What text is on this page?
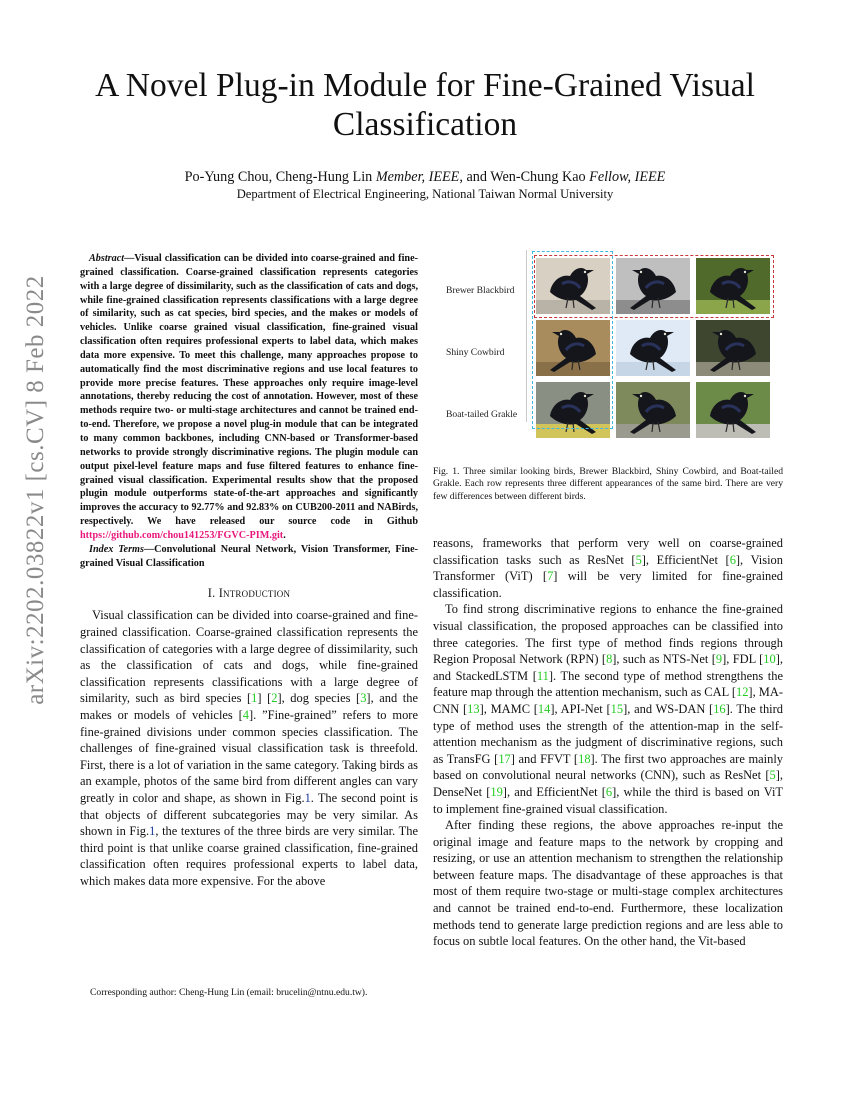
A Novel Plug-in Module for Fine-Grained Visual Classification
Po-Yung Chou, Cheng-Hung Lin Member, IEEE, and Wen-Chung Kao Fellow, IEEE
Department of Electrical Engineering, National Taiwan Normal University
arXiv:2202.03822v1 [cs.CV] 8 Feb 2022

Abstract—Visual classification can be divided into coarse-grained and fine-grained classification. Coarse-grained classification represents categories with a large degree of dissimilarity, such as the classification of cats and dogs, while fine-grained classification represents classifications with a large degree of similarity, such as cat species, bird species, and the makes or models of vehicles. Unlike coarse grained visual classification, fine-grained visual classification often requires professional experts to label data, which makes data more expensive. To meet this challenge, many approaches propose to automatically find the most discriminative regions and use local features to provide more precise features. These approaches only require image-level annotations, thereby reducing the cost of annotation. However, most of these methods require two- or multi-stage architectures and cannot be trained end-to-end. Therefore, we propose a novel plug-in module that can be integrated to many common backbones, including CNN-based or Transformer-based networks to provide strongly discriminative regions. The plugin module can output pixel-level feature maps and fuse filtered features to enhance fine-grained visual classification. Experimental results show that the proposed plugin module outperforms state-of-the-art approaches and significantly improves the accuracy to 92.77% and 92.83% on CUB200-2011 and NABirds, respectively. We have released our source code in Github https://github.com/chou141253/FGVC-PIM.git.

Index Terms—Convolutional Neural Network, Vision Transformer, Fine-grained Visual Classification

I. Introduction

Visual classification can be divided into coarse-grained and fine-grained classification. Coarse-grained classification represents the classification of categories with a large degree of dissimilarity, such as the classification of cats and dogs, while fine-grained classification represents classifications with a large degree of similarity, such as bird species [1] [2], dog species [3], and the makes or models of vehicles [4]. ”Fine-grained” refers to more fine-grained divisions under common species classification. The challenges of fine-grained visual classification task is threefold. First, there is a lot of variation in the same category. Taking birds as an example, photos of the same bird from different angles can vary greatly in color and shape, as shown in Fig.1. The second point is that objects of different subcategories may be very similar. As shown in Fig.1, the textures of the three birds are very similar. The third point is that unlike coarse grained classification, fine-grained classification often requires professional experts to label data, which makes data more expensive. For the above

Corresponding author: Cheng-Hung Lin (email: brucelin@ntnu.edu.tw).
Brewer Blackbird
Shiny Cowbird
Boat-tailed Grakle

Fig. 1. Three similar looking birds, Brewer Blackbird, Shiny Cowbird, and Boat-tailed Grakle. Each row represents three different appearances of the same bird. There are very few differences between different birds.

reasons, frameworks that perform very well on coarse-grained classification tasks such as ResNet [5], EfficientNet [6], Vision Transformer (ViT) [7] will be very limited for fine-grained classification.

To find strong discriminative regions to enhance the fine-grained visual classification, the proposed approaches can be classified into three categories. The first type of method finds regions through Region Proposal Network (RPN) [8], such as NTS-Net [9], FDL [10], and StackedLSTM [11]. The second type of method strengthens the feature map through the attention mechanism, such as CAL [12], MA-CNN [13], MAMC [14], API-Net [15], and WS-DAN [16]. The third type of method uses the strength of the attention-map in the self-attention mechanism as the judgment of discriminative regions, such as TransFG [17] and FFVT [18]. The first two approaches are mainly based on convolutional neural networks (CNN), such as ResNet [5], DenseNet [19], and EfficientNet [6], while the third is based on ViT to implement fine-grained visual classification.

After finding these regions, the above approaches re-input the original image and feature maps to the network by cropping and resizing, or use an attention mechanism to strengthen the relationship between feature maps. The disadvantage of these approaches is that most of them require two-stage or multi-stage complex architectures and cannot be trained end-to-end. Furthermore, these localization methods tend to generate large prediction regions and are less able to focus on subtle local features. On the other hand, the Vit-based
